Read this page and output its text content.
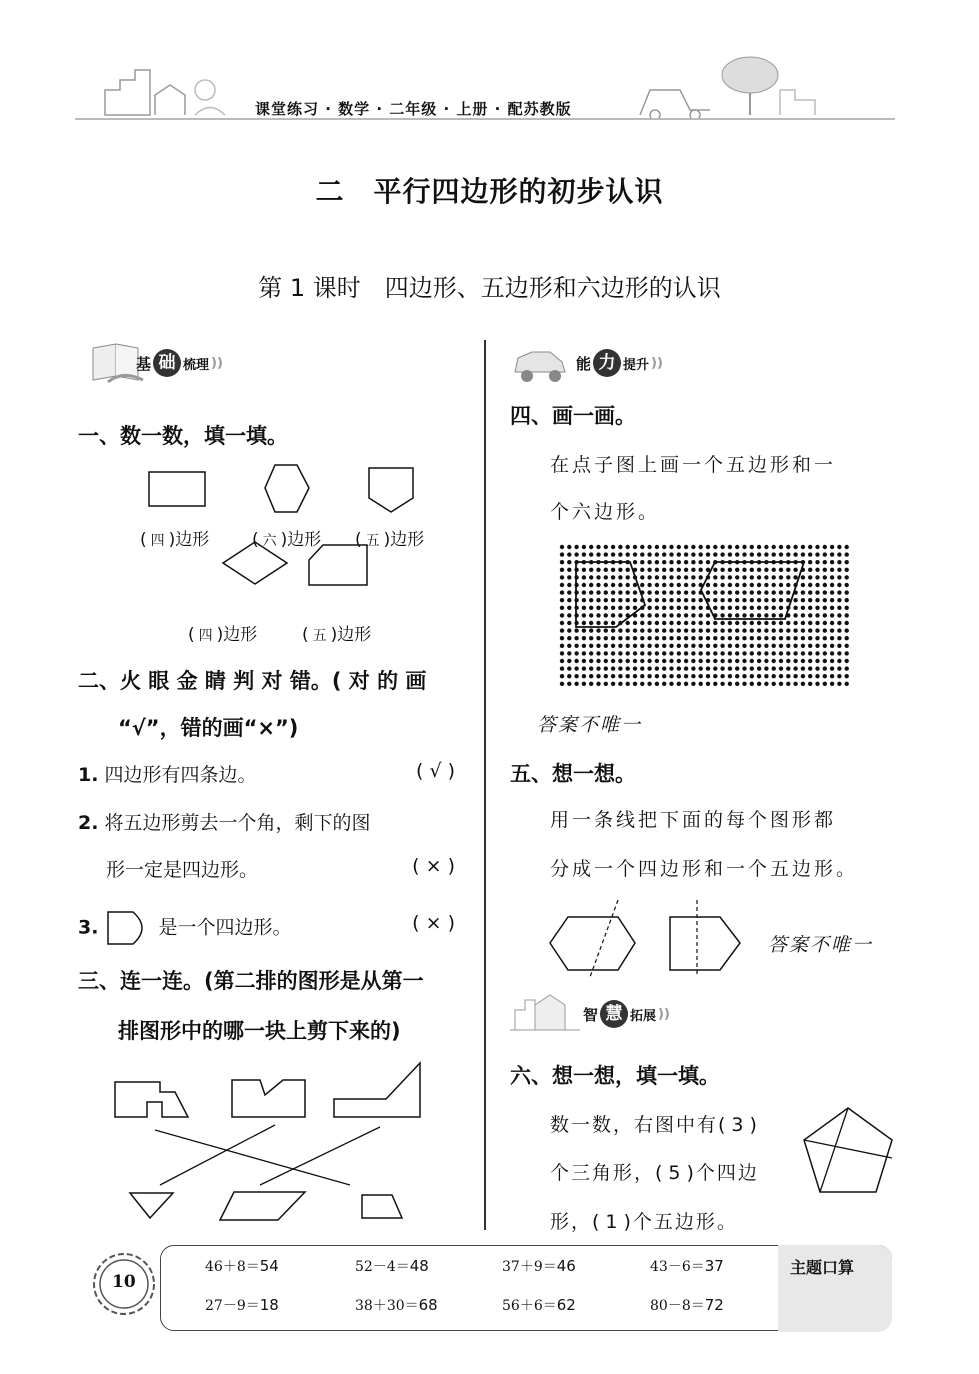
课堂练习 · 数学 · 二年级 · 上册 · 配苏教版
二　平行四边形的初步认识
第 1 课时　四边形、五边形和六边形的认识
基 础 梳理 ))
一、数一数，填一填。
( 四 )边形	( 六 )边形 ( 五 )边形
( 四 )边形	( 五 )边形
二、火 眼 金 睛 判 对 错。( 对 的 画
“√”，错的画“×”)
1. 四边形有四条边。	( √ )
2. 将五边形剪去一个角，剩下的图
形一定是四边形。	( × )
3.	是一个四边形。	( × )
三、连一连。(第二排的图形是从第一
排图形中的哪一块上剪下来的)
能 力 提升 ))
四、画一画。
在点子图上画一个五边形和一
个六边形。
答案不唯一
五、想一想。
用一条线把下面的每个图形都
分成一个四边形和一个五边形。
答案不唯一
智 慧 拓展 ))
六、想一想，填一填。
数一数，右图中有( 3 )
个三角形，( 5 )个四边
形，( 1 )个五边形。
10
主题口算
46＋8＝54	52－4＝48	37＋9＝46	43－6＝37
27－9＝18	38＋30＝68	56＋6＝62	80－8＝72
